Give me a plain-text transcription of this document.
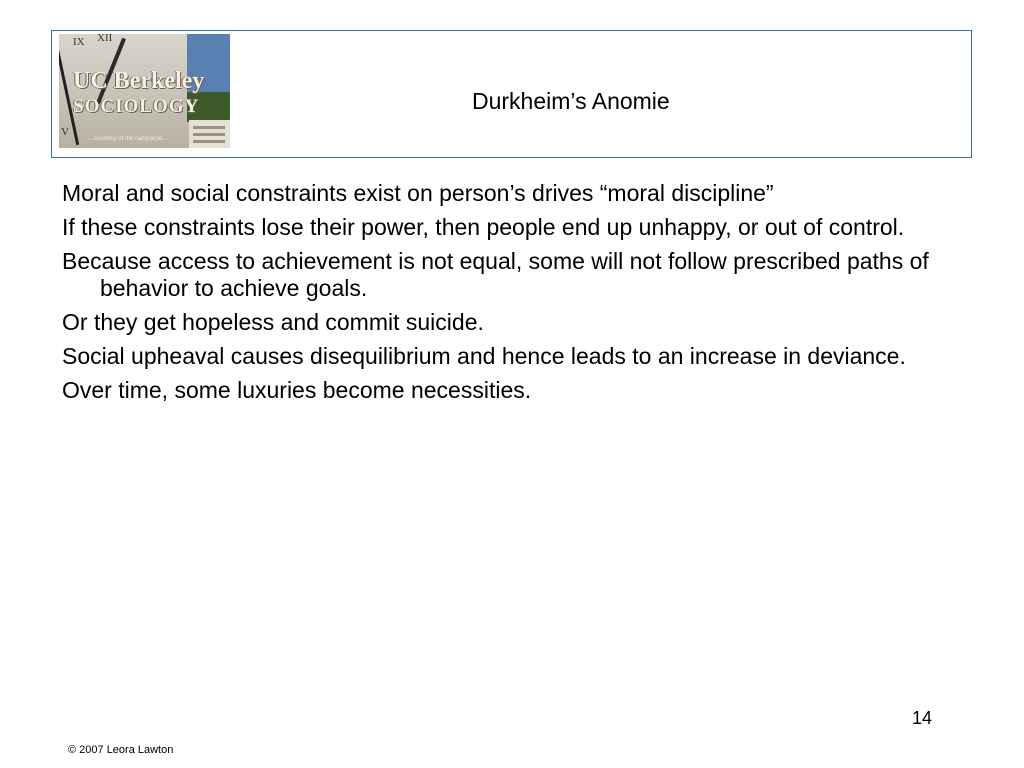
IX XII
V
UC Berkeley
SOCIOLOGY
...courtesy of the campanile...
Durkheim’s Anomie
Moral and social constraints exist on person’s drives “moral discipline”
If these constraints lose their power, then people end up unhappy, or out of control.
Because access to achievement is not equal, some will not follow prescribed paths of behavior to achieve goals.
Or they get hopeless and commit suicide.
Social upheaval causes disequilibrium and hence leads to an increase in deviance.
Over time, some luxuries become necessities.
14
© 2007 Leora Lawton
